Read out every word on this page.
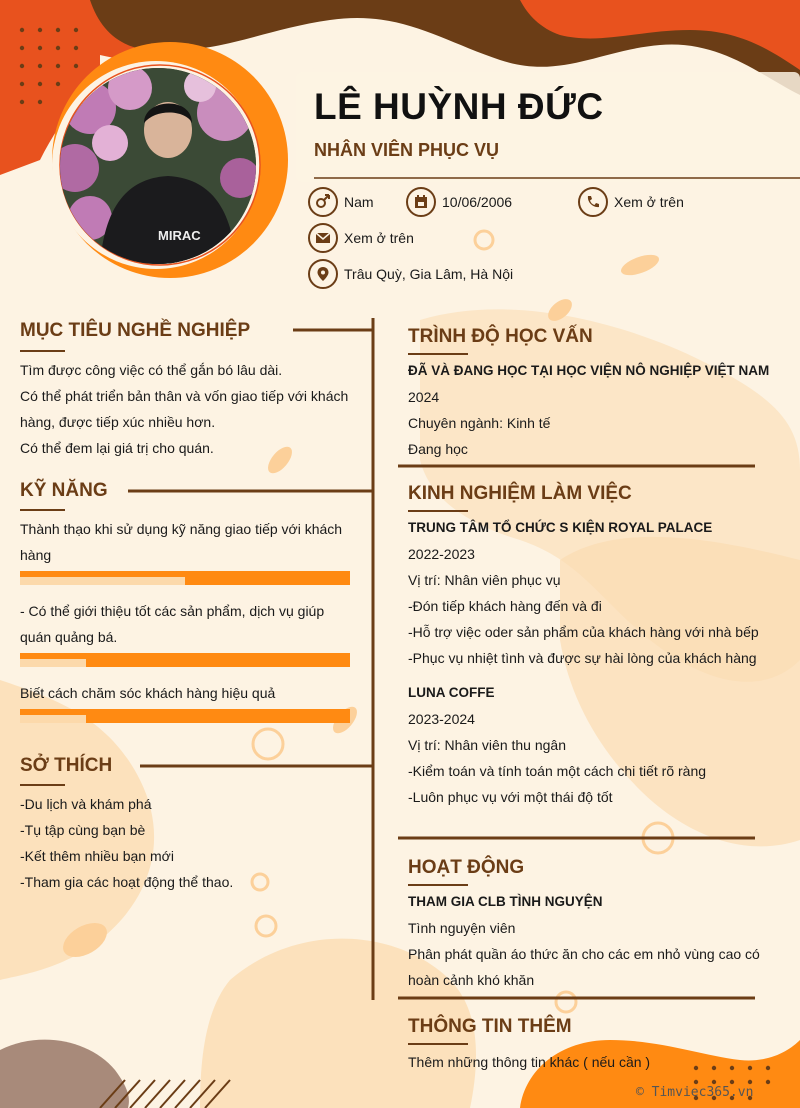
MIRAC
LÊ HUỲNH ĐỨC
NHÂN VIÊN PHỤC VỤ
Nam	10/06/2006	Xem ở trên
Xem ở trên
Trâu Quỳ, Gia Lâm, Hà Nội
MỤC TIÊU NGHỀ NGHIỆP
Tìm được công việc có thể gắn bó lâu dài.
Có thể phát triển bản thân và vốn giao tiếp với khách
hàng, được tiếp xúc nhiều hơn.
Có thể đem lại giá trị cho quán.
KỸ NĂNG
Thành thạo khi sử dụng kỹ năng giao tiếp với khách
hàng
- Có thể giới thiệu tốt các sản phẩm, dịch vụ giúp
quán quảng bá.
Biết cách chăm sóc khách hàng hiệu quả
SỞ THÍCH
-Du lịch và khám phá
-Tụ tập cùng bạn bè
-Kết thêm nhiều bạn mới
-Tham gia các hoạt động thể thao.
TRÌNH ĐỘ HỌC VẤN
ĐÃ VÀ ĐANG HỌC TẠI HỌC VIỆN NÔ NGHIỆP VIỆT NAM
2024
Chuyên ngành: Kinh tế
Đang học
KINH NGHIỆM LÀM VIỆC
TRUNG TÂM TỔ CHỨC S KIỆN ROYAL PALACE
2022-2023
Vị trí: Nhân viên phục vụ
-Đón tiếp khách hàng đến và đi
-Hỗ trợ việc oder sản phẩm của khách hàng với nhà bếp
-Phục vụ nhiệt tình và được sự hài lòng của khách hàng
LUNA COFFE
2023-2024
Vị trí: Nhân viên thu ngân
-Kiểm toán và tính toán một cách chi tiết rõ ràng
-Luôn phục vụ với một thái độ tốt
HOẠT ĐỘNG
THAM GIA CLB TÌNH NGUYỆN
Tình nguyện viên
Phân phát quần áo thức ăn cho các em nhỏ vùng cao có
hoàn cảnh khó khăn
THÔNG TIN THÊM
Thêm những thông tin khác ( nếu cần )
© Timviec365.vn
